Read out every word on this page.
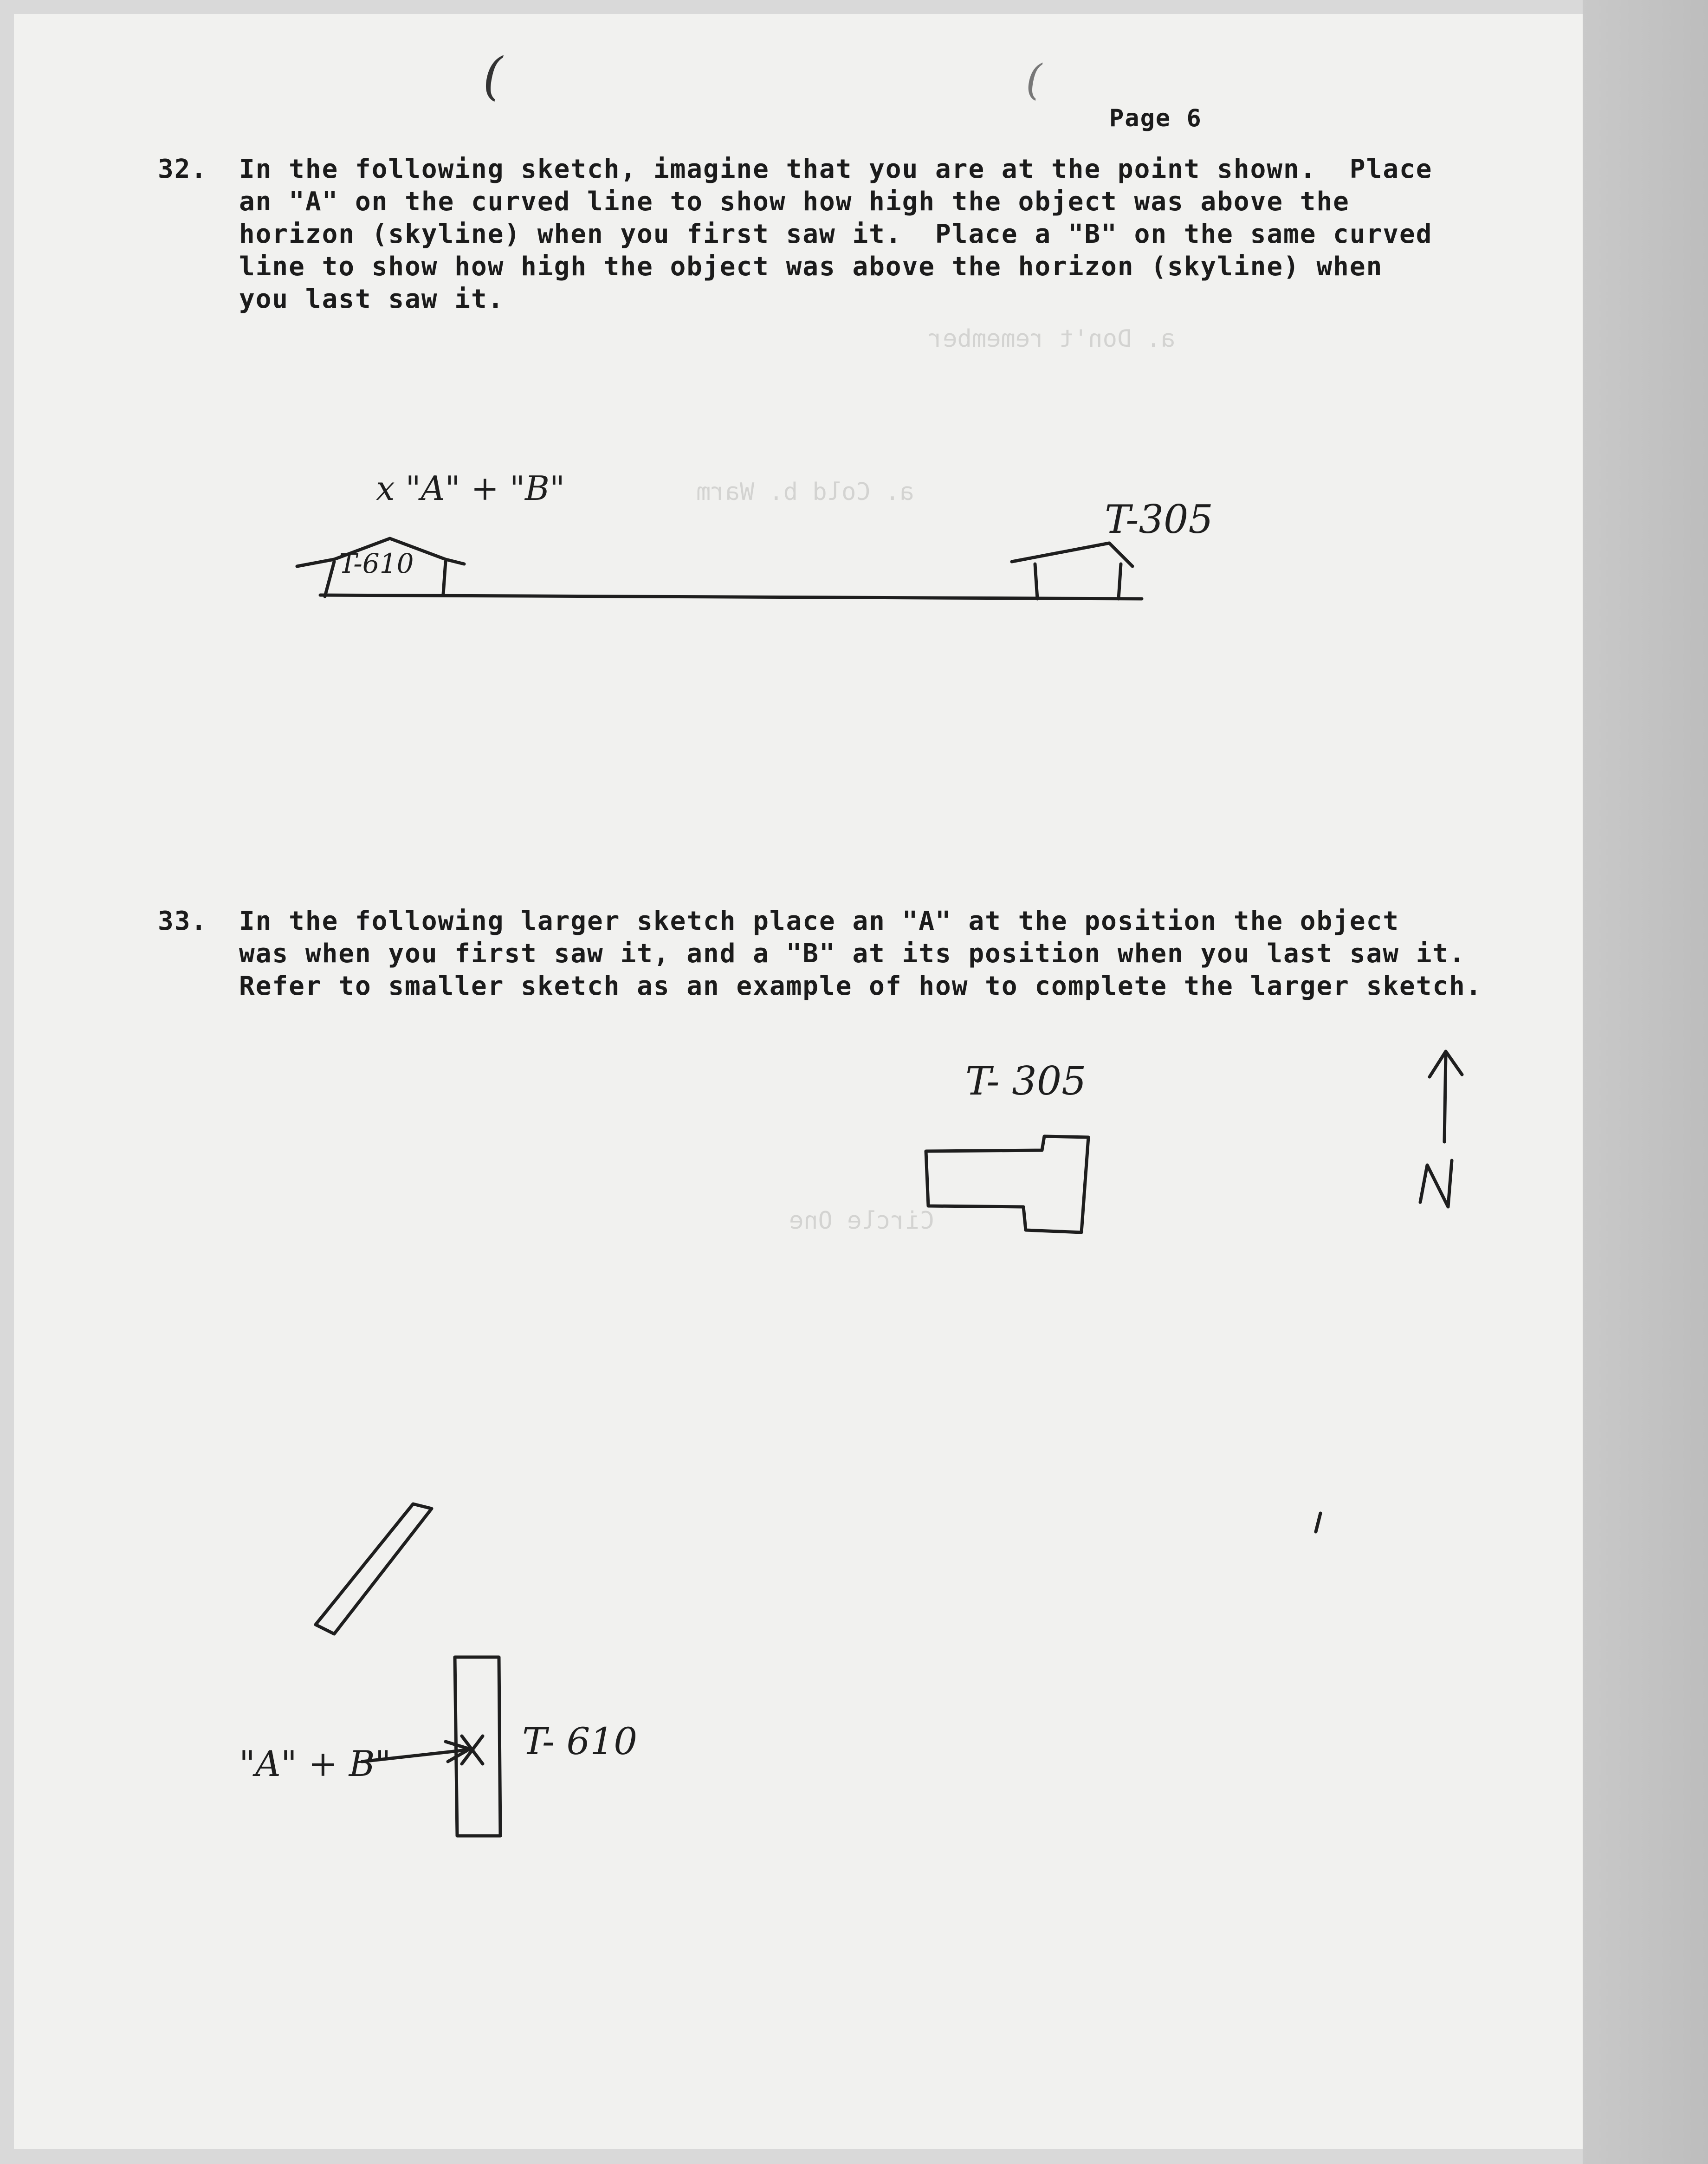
a. Don't remember
a. Cold b. Warm
Circle One
(	(
Page 6
32. In the following sketch, imagine that you are at the point shown.  Place
an "A" on the curved line to show how high the object was above the
horizon (skyline) when you first saw it.  Place a "B" on the same curved
line to show how high the object was above the horizon (skyline) when
you last saw it.
x "A" + "B"
T-610
T-305
33. In the following larger sketch place an "A" at the position the object
was when you first saw it, and a "B" at its position when you last saw it.
Refer to smaller sketch as an example of how to complete the larger sketch.
T- 305
T- 610
"A" + B"
